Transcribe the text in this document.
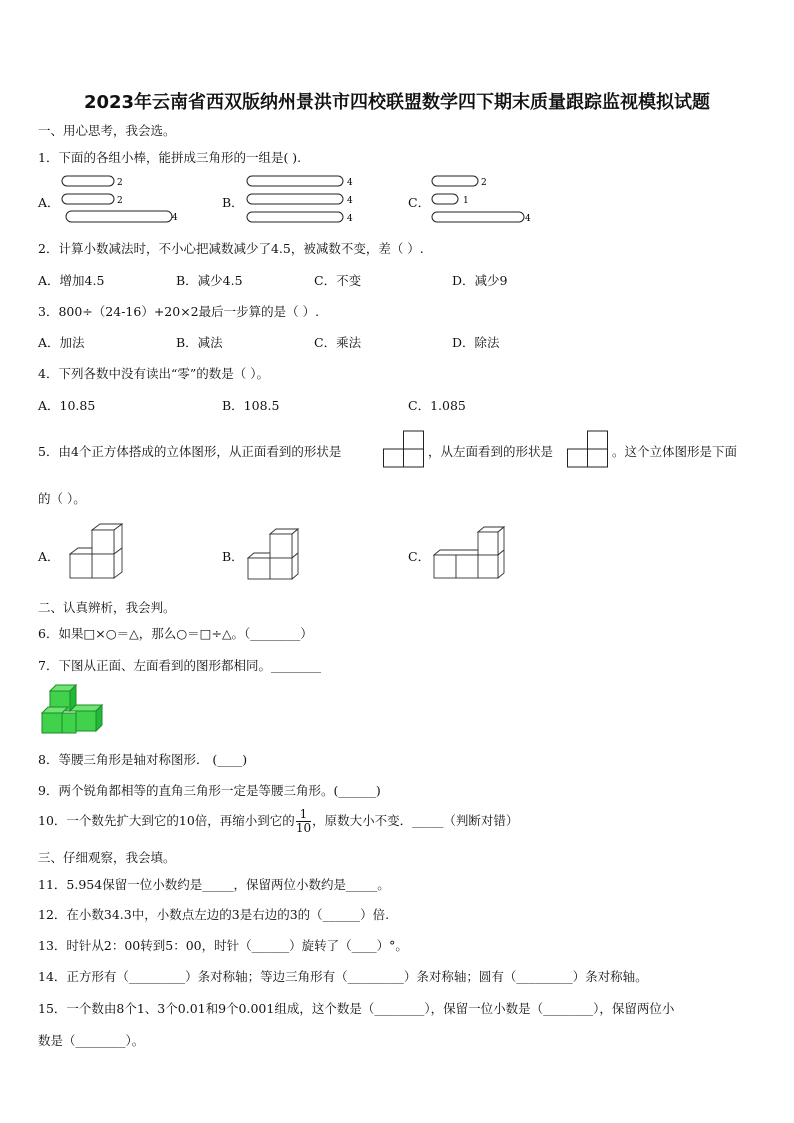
2023年云南省西双版纳州景洪市四校联盟数学四下期末质量跟踪监视模拟试题
一、用心思考，我会选。
1．下面的各组小棒，能拼成三角形的一组是( ).
A．	B．	C．
2
2
4
4
4
4
2
1
4
2．计算小数减法时，不小心把减数减少了4.5，被减数不变，差（ ）.
A．增加4.5	B．减少4.5	C．不变	D．减少9
3．800÷（24-16）+20×2最后一步算的是（ ）.
A．加法	B．减法	C．乘法	D．除法
4．下列各数中没有读出“零”的数是（ ）。
A．10.85	B．108.5	C．1.085
5．由4个正方体搭成的立体图形，从正面看到的形状是	，从左面看到的形状是	。这个立体图形是下面
的（ ）。
A．	B．	C．
二、认真辨析，我会判。
6．如果□×○＝△，那么○＝□÷△。（________）
7．下图从正面、左面看到的图形都相同。________
8．等腰三角形是轴对称图形． (____)
9．两个锐角都相等的直角三角形一定是等腰三角形。(______)
10．一个数先扩大到它的10倍，再缩小到它的 $\frac{1}{10}$ ，原数大小不变．_____（判断对错）
三、仔细观察，我会填。
11．5.954保留一位小数约是_____，保留两位小数约是_____。
12．在小数34.3中，小数点左边的3是右边的3的（______）倍.
13．时针从2：00转到5：00，时针（______）旋转了（____）°。
14．正方形有（_________）条对称轴；等边三角形有（_________）条对称轴；圆有（_________）条对称轴。
15．一个数由8个1、3个0.01和9个0.001组成，这个数是（________），保留一位小数是（________），保留两位小
数是（________）。
